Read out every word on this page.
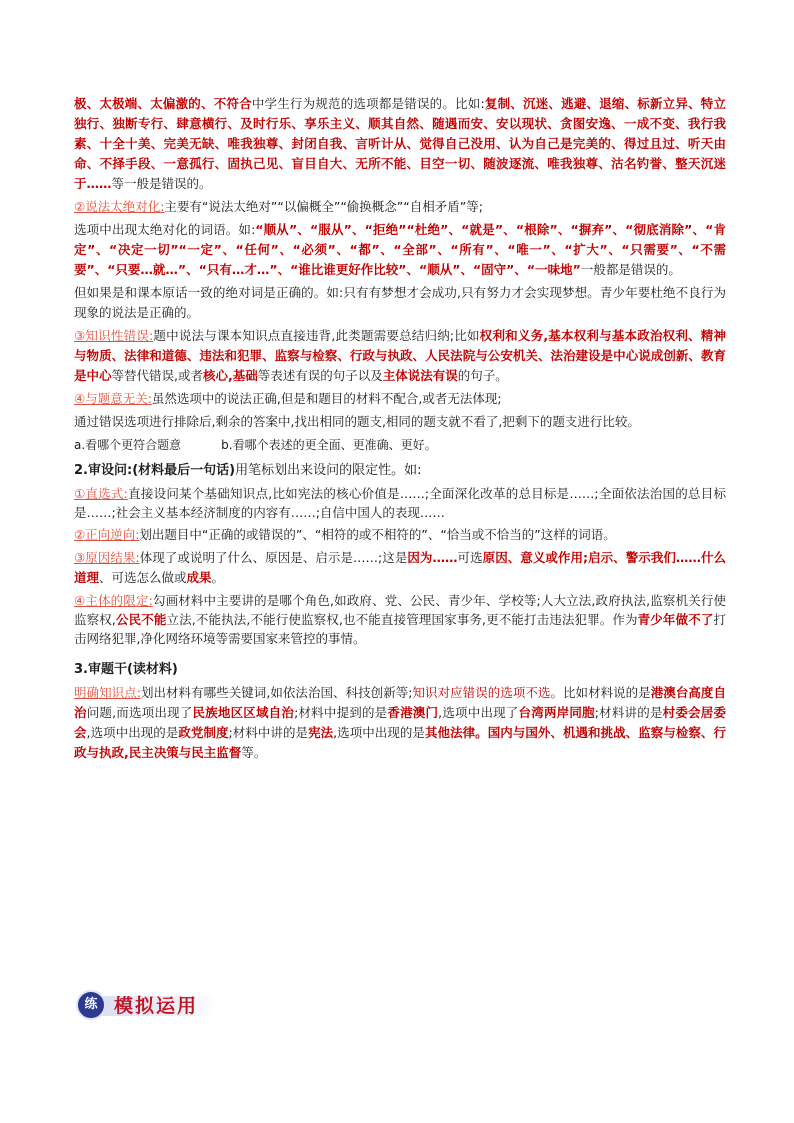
极、太极端、太偏激的、不符合中学生行为规范的选项都是错误的。比如:复制、沉迷、逃避、退缩、标新立异、特立独行、独断专行、肆意横行、及时行乐、享乐主义、顺其自然、随遇而安、安以现状、贪图安逸、一成不变、我行我素、十全十美、完美无缺、唯我独尊、封闭自我、言听计从、觉得自己没用、认为自己是完美的、得过且过、听天由命、不择手段、一意孤行、固执己见、盲目自大、无所不能、目空一切、随波逐流、唯我独尊、沽名钓誉、整天沉迷于……等一般是错误的。

②说法太绝对化:主要有“说法太绝对”“以偏概全”“偷换概念”“自相矛盾”等;

选项中出现太绝对化的词语。如:“顺从”、“服从”、“拒绝”“杜绝”、“就是”、“根除”、“摒弃”、“彻底消除”、“肯定”、“决定一切”“一定”、“任何”、“必须”、“都”、“全部”、“所有”、“唯一”、“扩大”、“只需要”、“不需要”、“只要…就…”、“只有…才…”、“谁比谁更好作比较”、“顺从”、“固守”、“一味地”一般都是错误的。

但如果是和课本原话一致的绝对词是正确的。如:只有有梦想才会成功,只有努力才会实现梦想。青少年要杜绝不良行为现象的说法是正确的。

③知识性错误:题中说法与课本知识点直接违背,此类题需要总结归纳;比如权利和义务,基本权利与基本政治权利、精神与物质、法律和道德、违法和犯罪、监察与检察、行政与执政、人民法院与公安机关、法治建设是中心说成创新、教育是中心等替代错误,或者核心,基础等表述有误的句子以及主体说法有误的句子。

④与题意无关:虽然选项中的说法正确,但是和题目的材料不配合,或者无法体现;

通过错误选项进行排除后,剩余的答案中,找出相同的题支,相同的题支就不看了,把剩下的题支进行比较。

a.看哪个更符合题意	b.看哪个表述的更全面、更准确、更好。

2.审设问:(材料最后一句话)用笔标划出来设问的限定性。如:

①直选式:直接设问某个基础知识点,比如宪法的核心价值是……;全面深化改革的总目标是……;全面依法治国的总目标是……;社会主义基本经济制度的内容有……;自信中国人的表现……

②正向逆向:划出题目中“正确的或错误的”、“相符的或不相符的”、“恰当或不恰当的”这样的词语。

③原因结果:体现了或说明了什么、原因是、启示是……;这是因为……可选原因、意义或作用;启示、警示我们……什么道理、可选怎么做或成果。

④主体的限定:勾画材料中主要讲的是哪个角色,如政府、党、公民、青少年、学校等;人大立法,政府执法,监察机关行使监察权,公民不能立法,不能执法,不能行使监察权,也不能直接管理国家事务,更不能打击违法犯罪。作为青少年做不了打击网络犯罪,净化网络环境等需要国家来管控的事情。

3.审题干(读材料)

明确知识点:划出材料有哪些关键词,如依法治国、科技创新等;知识对应错误的选项不选。比如材料说的是港澳台高度自治问题,而选项出现了民族地区区域自治;材料中提到的是香港澳门,选项中出现了台湾两岸同胞;材料讲的是村委会居委会,选项中出现的是政党制度;材料中讲的是宪法,选项中出现的是其他法律。国内与国外、机遇和挑战、监察与检察、行政与执政,民主决策与民主监督等。

练 模拟运用
